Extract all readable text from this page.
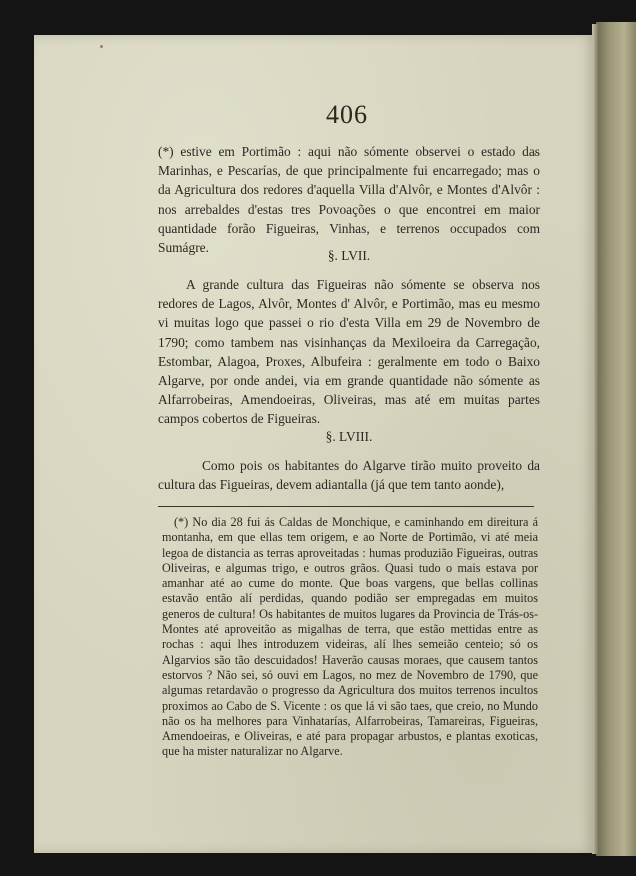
406

(*) estive em Portimão : aqui não sómente observei o estado das Marinhas, e Pescarías, de que principalmente fui encarregado; mas o da Agricultura dos redores d'aquella Villa d'Alvôr, e Montes d'Alvôr : nos arrebaldes d'estas tres Povoações o que encontrei em maior quantidade forão Figueiras, Vinhas, e terrenos occupados com Sumágre.

§. LVII.

A grande cultura das Figueiras não sómente se observa nos redores de Lagos, Alvôr, Montes d' Alvôr, e Portimão, mas eu mesmo vi muitas logo que passei o rio d'esta Villa em 29 de Novembro de 1790; como tambem nas visinhanças da Mexiloeira da Carregação, Estombar, Alagoa, Proxes, Albufeira : geralmente em todo o Baixo Algarve, por onde andei, via em grande quantidade não sómente as Alfarrobeiras, Amendoeiras, Oliveiras, mas até em muitas partes campos cobertos de Figueiras.

§. LVIII.

Como pois os habitantes do Algarve tirão muito proveito da cultura das Figueiras, devem adiantalla (já que tem tanto aonde),

(*) No dia 28 fui ás Caldas de Monchique, e caminhando em direitura á montanha, em que ellas tem origem, e ao Norte de Portimão, vi até meia legoa de distancia as terras aproveitadas : humas produzião Figueiras, outras Oliveiras, e algumas trigo, e outros grãos. Quasi tudo o mais estava por amanhar até ao cume do monte. Que boas vargens, que bellas collinas estavão então alí perdidas, quando podião ser empregadas em muitos generos de cultura! Os habitantes de muitos lugares da Provincia de Trás-os-Montes até aproveitão as migalhas de terra, que estão mettidas entre as rochas : aqui lhes introduzem videiras, alí lhes semeião centeio; só os Algarvios são tão descuidados! Haverão causas moraes, que causem tantos estorvos ? Não sei, só ouvi em Lagos, no mez de Novembro de 1790, que algumas retardavão o progresso da Agricultura dos muitos terrenos incultos proximos ao Cabo de S. Vicente : os que lá vi são taes, que creio, no Mundo não os ha melhores para Vinhatarías, Alfarrobeiras, Tamareiras, Figueiras, Amendoeiras, e Oliveiras, e até para propagar arbustos, e plantas exoticas, que ha mister naturalizar no Algarve.
